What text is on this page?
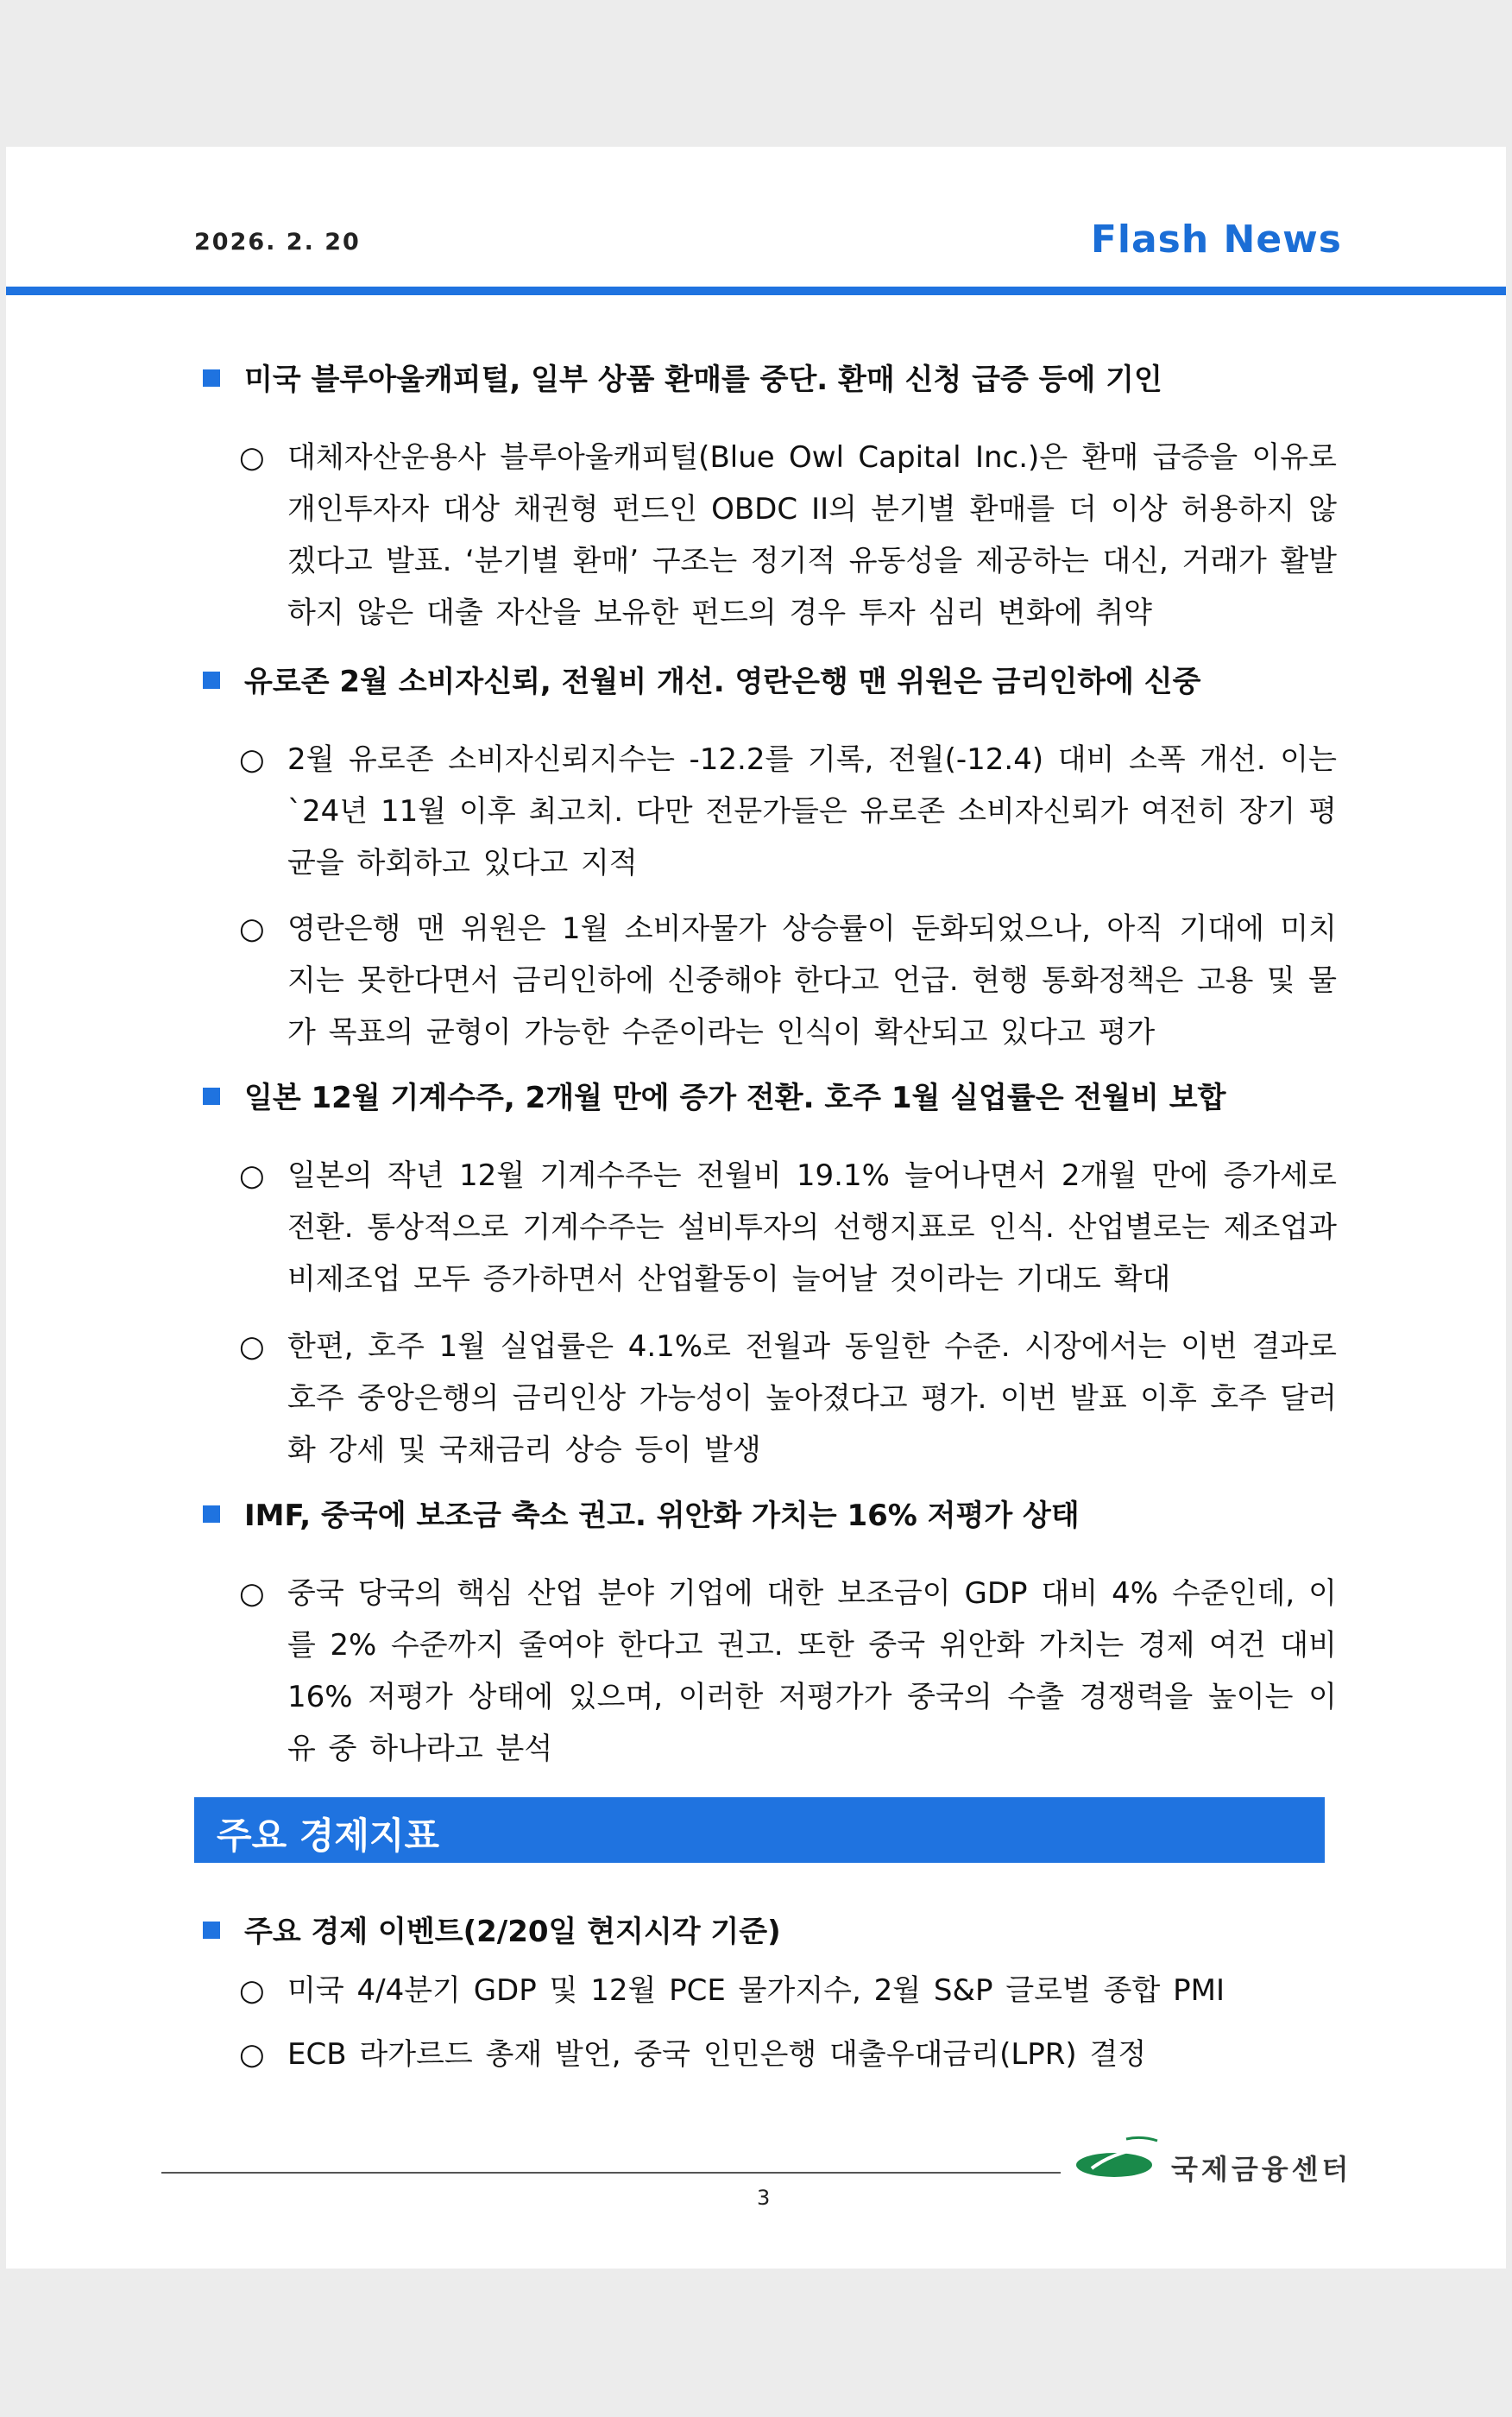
2026. 2. 20	Flash News
미국 블루아울캐피털, 일부 상품 환매를 중단. 환매 신청 급증 등에 기인
○ 대체자산운용사 블루아울캐피털(Blue Owl Capital Inc.)은 환매 급증을 이유로 개인투자자 대상 채권형 펀드인 OBDC II의 분기별 환매를 더 이상 허용하지 않겠다고 발표. ‘분기별 환매’ 구조는 정기적 유동성을 제공하는 대신, 거래가 활발하지 않은 대출 자산을 보유한 펀드의 경우 투자 심리 변화에 취약
유로존 2월 소비자신뢰, 전월비 개선. 영란은행 맨 위원은 금리인하에 신중
○ 2월 유로존 소비자신뢰지수는 -12.2를 기록, 전월(-12.4) 대비 소폭 개선. 이는 `24년 11월 이후 최고치. 다만 전문가들은 유로존 소비자신뢰가 여전히 장기 평균을 하회하고 있다고 지적
○ 영란은행 맨 위원은 1월 소비자물가 상승률이 둔화되었으나, 아직 기대에 미치지는 못한다면서 금리인하에 신중해야 한다고 언급. 현행 통화정책은 고용 및 물가 목표의 균형이 가능한 수준이라는 인식이 확산되고 있다고 평가
일본 12월 기계수주, 2개월 만에 증가 전환. 호주 1월 실업률은 전월비 보합
○ 일본의 작년 12월 기계수주는 전월비 19.1% 늘어나면서 2개월 만에 증가세로 전환. 통상적으로 기계수주는 설비투자의 선행지표로 인식. 산업별로는 제조업과 비제조업 모두 증가하면서 산업활동이 늘어날 것이라는 기대도 확대
○ 한편, 호주 1월 실업률은 4.1%로 전월과 동일한 수준. 시장에서는 이번 결과로 호주 중앙은행의 금리인상 가능성이 높아졌다고 평가. 이번 발표 이후 호주 달러화 강세 및 국채금리 상승 등이 발생
IMF, 중국에 보조금 축소 권고. 위안화 가치는 16% 저평가 상태
○ 중국 당국의 핵심 산업 분야 기업에 대한 보조금이 GDP 대비 4% 수준인데, 이를 2% 수준까지 줄여야 한다고 권고. 또한 중국 위안화 가치는 경제 여건 대비 16% 저평가 상태에 있으며, 이러한 저평가가 중국의 수출 경쟁력을 높이는 이유 중 하나라고 분석
주요 경제지표
주요 경제 이벤트(2/20일 현지시각 기준)
○ 미국 4/4분기 GDP 및 12월 PCE 물가지수, 2월 S&P 글로벌 종합 PMI
○ ECB 라가르드 총재 발언, 중국 인민은행 대출우대금리(LPR) 결정
국제금융센터
3
